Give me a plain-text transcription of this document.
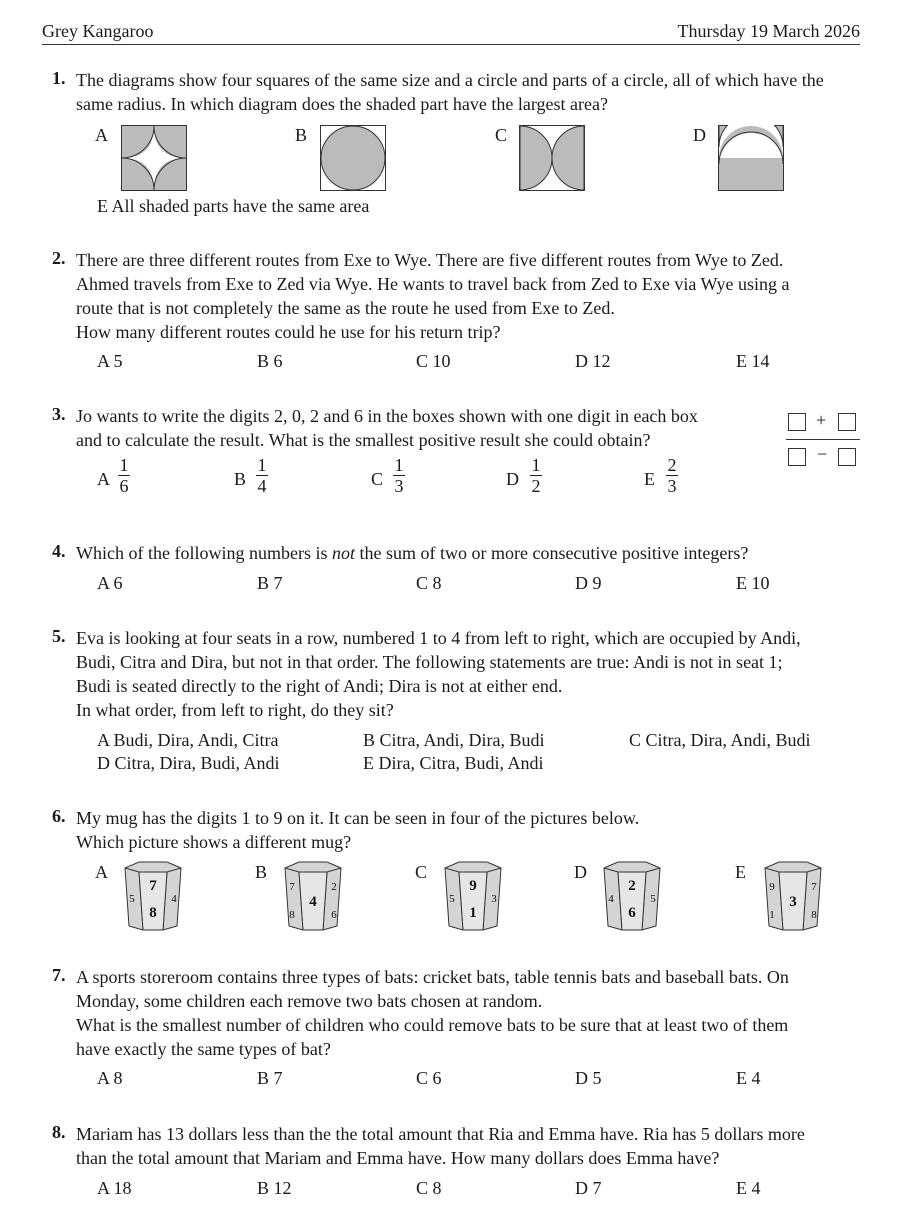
Grey Kangaroo	Thursday 19 March 2026
1. The diagrams show four squares of the same size and a circle and parts of a circle, all of which have the same radius. In which diagram does the shaded part have the largest area?
A	B	C	D
E All shaded parts have the same area
2. There are three different routes from Exe to Wye. There are five different routes from Wye to Zed.

Ahmed travels from Exe to Zed via Wye. He wants to travel back from Zed to Exe via Wye using a

route that is not completely the same as the route he used from Exe to Zed.

How many different routes could he use for his return trip?

A 5	B 6	C 10	D 12	E 14
3. Jo wants to write the digits 2, 0, 2 and 6 in the boxes shown with one digit in each box

and to calculate the result. What is the smallest positive result she could obtain?

+
−
A
1
6	B
1
4	C
1
3	D
1
2	E
2
3
4. Which of the following numbers is not the sum of two or more consecutive positive integers?
A 6	B 7	C 8	D 9	E 10
5. Eva is looking at four seats in a row, numbered 1 to 4 from left to right, which are occupied by Andi,

Budi, Citra and Dira, but not in that order. The following statements are true: Andi is not in seat 1;

Budi is seated directly to the right of Andi; Dira is not at either end.

In what order, from left to right, do they sit?

A Budi, Dira, Andi, Citra	B Citra, Andi, Dira, Budi	C Citra, Dira, Andi, Budi
D Citra, Dira, Budi, Andi	E Dira, Citra, Budi, Andi
6. My mug has the digits 1 to 9 on it. It can be seen in four of the pictures below.

Which picture shows a different mug?

A
7
8
5	4
B
4
7	2
8	6
C
9
1
5	3
D
2
6
4	5
E
3
9	7
1	8
7. A sports storeroom contains three types of bats: cricket bats, table tennis bats and baseball bats. On

Monday, some children each remove two bats chosen at random.

What is the smallest number of children who could remove bats to be sure that at least two of them

have exactly the same types of bat?

A 8	B 7	C 6	D 5	E 4
8. Mariam has 13 dollars less than the the total amount that Ria and Emma have. Ria has 5 dollars more

than the total amount that Mariam and Emma have. How many dollars does Emma have?

A 18	B 12	C 8	D 7	E 4
